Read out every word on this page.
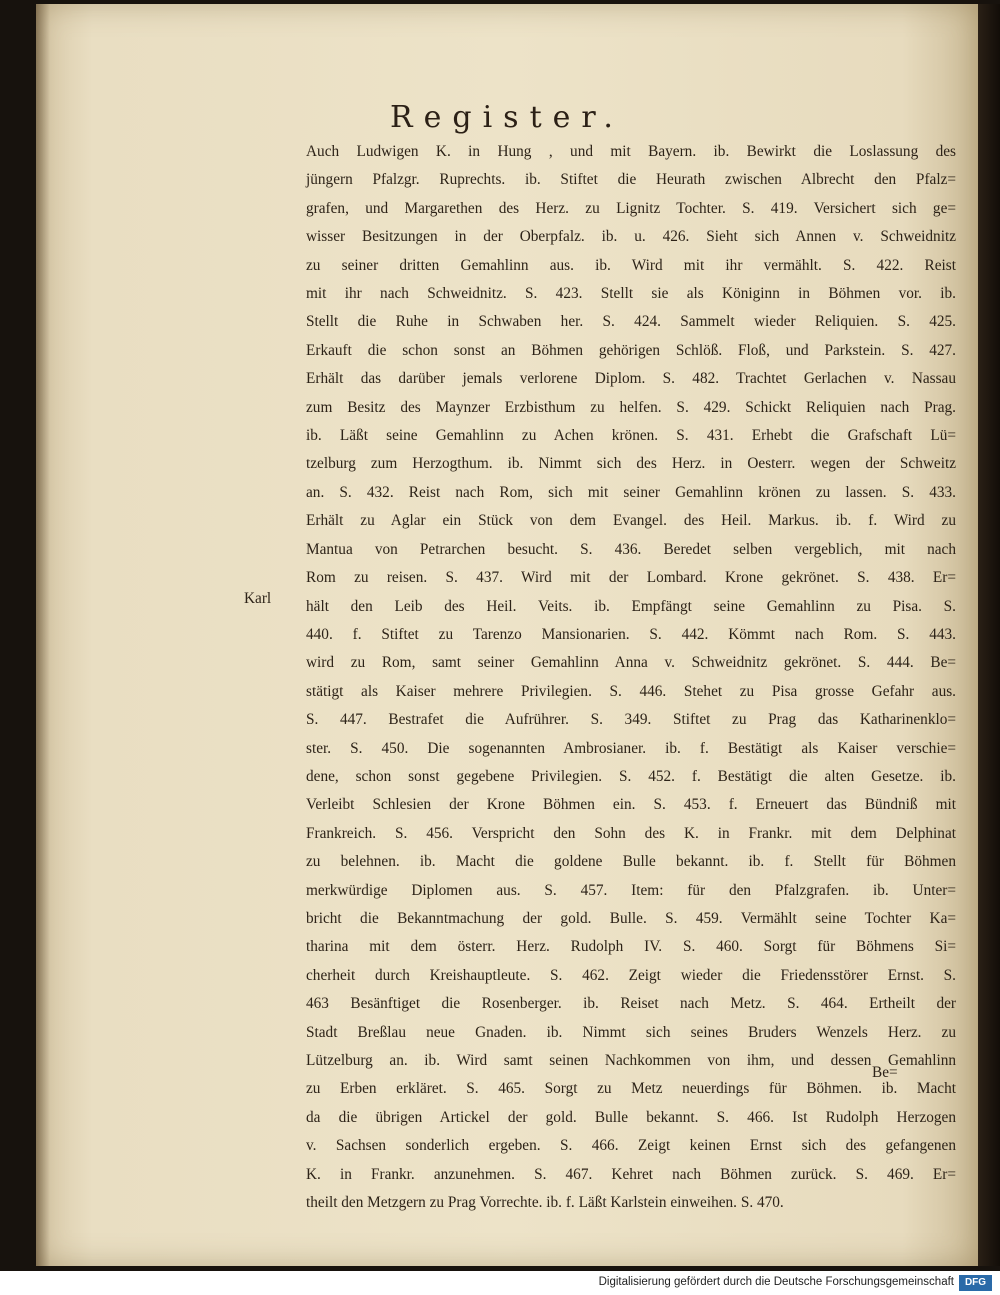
Register.
Auch Ludwigen K. in Hung , und mit Bayern. ib. Bewirkt die Loslassung des
jüngern Pfalzgr. Ruprechts. ib. Stiftet die Heurath zwischen Albrecht den Pfalz=
grafen, und Margarethen des Herz. zu Lignitz Tochter. S. 419. Versichert sich ge=
wisser Besitzungen in der Oberpfalz. ib. u. 426. Sieht sich Annen v. Schweidnitz
zu seiner dritten Gemahlinn aus. ib. Wird mit ihr vermählt. S. 422. Reist
mit ihr nach Schweidnitz. S. 423. Stellt sie als Königinn in Böhmen vor. ib.
Stellt die Ruhe in Schwaben her. S. 424. Sammelt wieder Reliquien. S. 425.
Erkauft die schon sonst an Böhmen gehörigen Schlöß. Floß, und Parkstein. S. 427.
Erhält das darüber jemals verlorene Diplom. S. 482. Trachtet Gerlachen v. Nassau
zum Besitz des Maynzer Erzbisthum zu helfen. S. 429. Schickt Reliquien nach Prag.
ib. Läßt seine Gemahlinn zu Achen krönen. S. 431. Erhebt die Grafschaft Lü=
tzelburg zum Herzogthum. ib. Nimmt sich des Herz. in Oesterr. wegen der Schweitz
an. S. 432. Reist nach Rom, sich mit seiner Gemahlinn krönen zu lassen. S. 433.
Erhält zu Aglar ein Stück von dem Evangel. des Heil. Markus. ib. f. Wird zu
Mantua von Petrarchen besucht. S. 436. Beredet selben vergeblich, mit nach
Rom zu reisen. S. 437. Wird mit der Lombard. Krone gekrönet. S. 438. Er=
hält den Leib des Heil. Veits. ib. Empfängt seine Gemahlinn zu Pisa. S.
440. f. Stiftet zu Tarenzo Mansionarien. S. 442. Kömmt nach Rom. S. 443.
wird zu Rom, samt seiner Gemahlinn Anna v. Schweidnitz gekrönet. S. 444. Be=
stätigt als Kaiser mehrere Privilegien. S. 446. Stehet zu Pisa grosse Gefahr aus.
S. 447. Bestrafet die Aufrührer. S. 349. Stiftet zu Prag das Katharinenklo=
ster. S. 450. Die sogenannten Ambrosianer. ib. f. Bestätigt als Kaiser verschie=
dene, schon sonst gegebene Privilegien. S. 452. f. Bestätigt die alten Gesetze. ib.
Verleibt Schlesien der Krone Böhmen ein. S. 453. f. Erneuert das Bündniß mit
Frankreich. S. 456. Verspricht den Sohn des K. in Frankr. mit dem Delphinat
zu belehnen. ib. Macht die goldene Bulle bekannt. ib. f. Stellt für Böhmen
merkwürdige Diplomen aus. S. 457. Item: für den Pfalzgrafen. ib. Unter=
bricht die Bekanntmachung der gold. Bulle. S. 459. Vermählt seine Tochter Ka=
tharina mit dem österr. Herz. Rudolph IV. S. 460. Sorgt für Böhmens Si=
cherheit durch Kreishauptleute. S. 462. Zeigt wieder die Friedensstörer Ernst. S.
463 Besänftiget die Rosenberger. ib. Reiset nach Metz. S. 464. Ertheilt der
Stadt Breßlau neue Gnaden. ib. Nimmt sich seines Bruders Wenzels Herz. zu
Lützelburg an. ib. Wird samt seinen Nachkommen von ihm, und dessen Gemahlinn
zu Erben erkläret. S. 465. Sorgt zu Metz neuerdings für Böhmen. ib. Macht
da die übrigen Artickel der gold. Bulle bekannt. S. 466. Ist Rudolph Herzogen
v. Sachsen sonderlich ergeben. S. 466. Zeigt keinen Ernst sich des gefangenen
K. in Frankr. anzunehmen. S. 467. Kehret nach Böhmen zurück. S. 469. Er=
theilt den Metzgern zu Prag Vorrechte. ib. f. Läßt Karlstein einweihen. S. 470.
Karl
Be=
Digitalisierung gefördert durch die Deutsche Forschungsgemeinschaft	DFG
